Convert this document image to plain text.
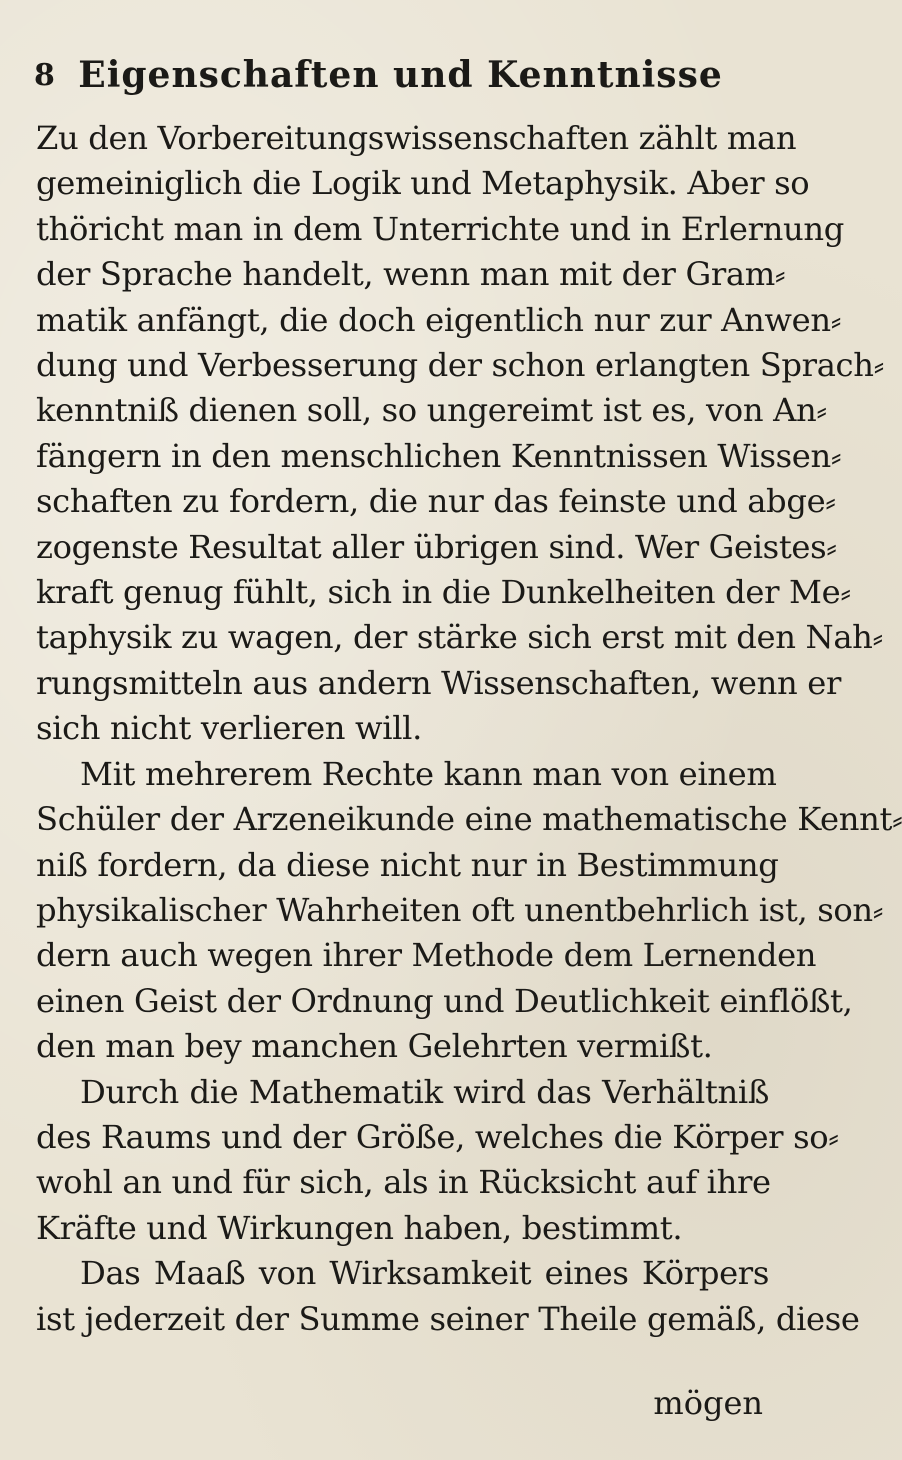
8 Eigenschaften und Kenntnisse
Zu den Vorbereitungswissenschaften zählt man
gemeiniglich die Logik und Metaphysik. Aber so
thöricht man in dem Unterrichte und in Erlernung
der Sprache handelt, wenn man mit der Gram⸗
matik anfängt, die doch eigentlich nur zur Anwen⸗
dung und Verbesserung der schon erlangten Sprach⸗
kenntniß dienen soll, so ungereimt ist es, von An⸗
fängern in den menschlichen Kenntnissen Wissen⸗
schaften zu fordern, die nur das feinste und abge⸗
zogenste Resultat aller übrigen sind. Wer Geistes⸗
kraft genug fühlt, sich in die Dunkelheiten der Me⸗
taphysik zu wagen, der stärke sich erst mit den Nah⸗
rungsmitteln aus andern Wissenschaften, wenn er
sich nicht verlieren will.
Mit mehrerem Rechte kann man von einem
Schüler der Arzeneikunde eine mathematische Kennt⸗
niß fordern, da diese nicht nur in Bestimmung
physikalischer Wahrheiten oft unentbehrlich ist, son⸗
dern auch wegen ihrer Methode dem Lernenden
einen Geist der Ordnung und Deutlichkeit einflößt,
den man bey manchen Gelehrten vermißt.
Durch die Mathematik wird das Verhältniß
des Raums und der Größe, welches die Körper so⸗
wohl an und für sich, als in Rücksicht auf ihre
Kräfte und Wirkungen haben, bestimmt.
Das Maaß von Wirksamkeit eines Körpers
ist jederzeit der Summe seiner Theile gemäß, diese
mögen
